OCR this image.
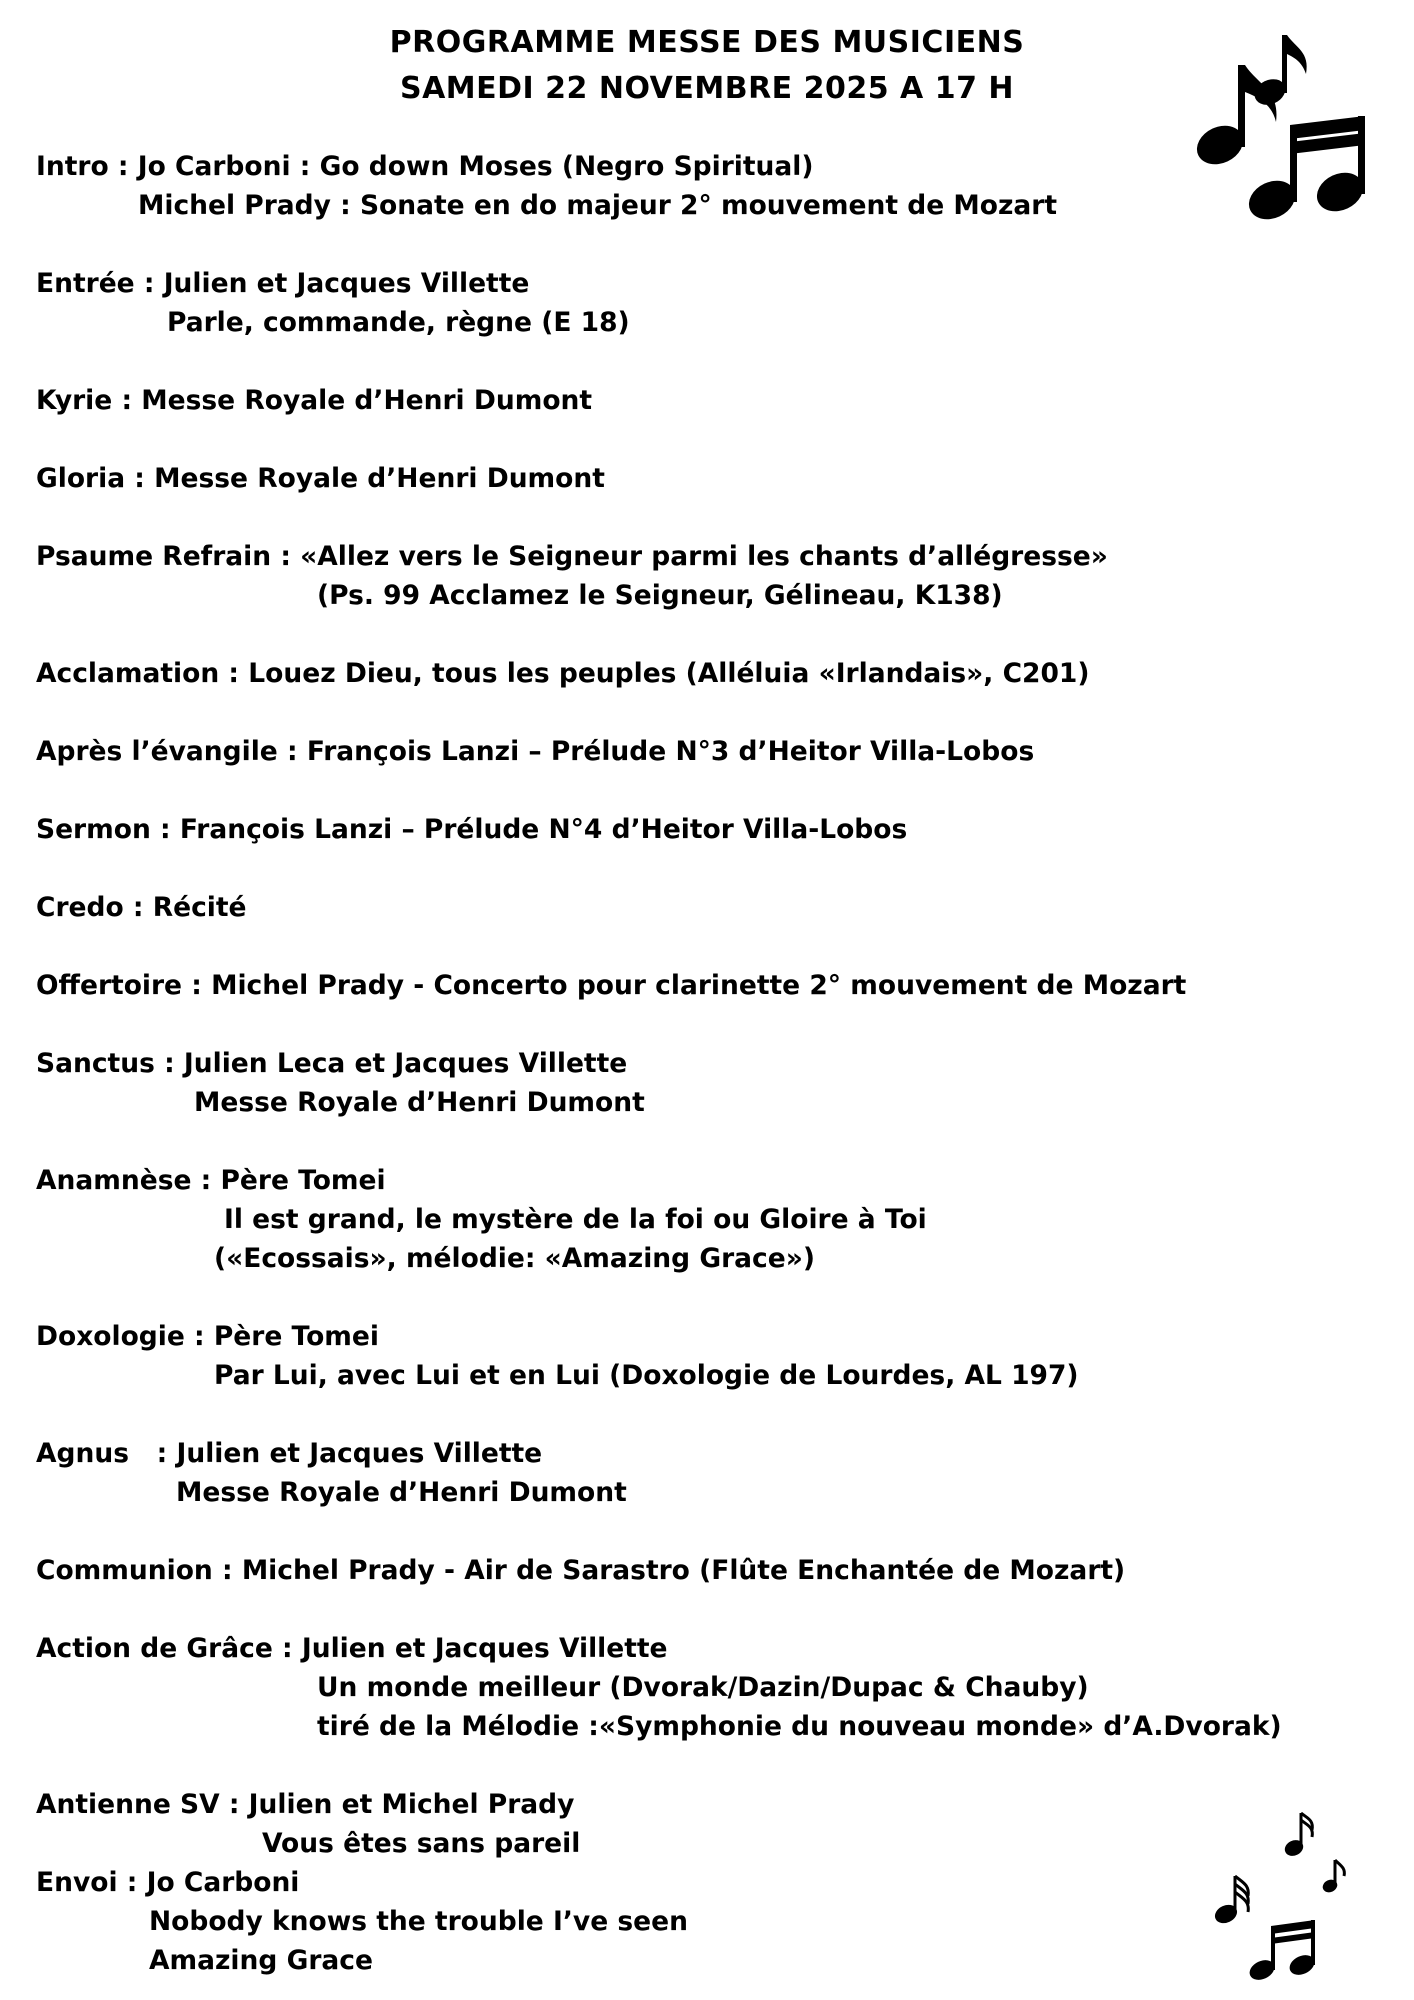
PROGRAMME MESSE DES MUSICIENS
SAMEDI 22 NOVEMBRE 2025 A 17 H
Intro : Jo Carboni : Go down Moses (Negro Spiritual)
Michel Prady : Sonate en do majeur 2° mouvement de Mozart
Entrée : Julien et Jacques Villette
Parle, commande, règne (E 18)
Kyrie : Messe Royale d’Henri Dumont
Gloria : Messe Royale d’Henri Dumont
Psaume Refrain : «Allez vers le Seigneur parmi les chants d’allégresse»
(Ps. 99 Acclamez le Seigneur, Gélineau, K138)
Acclamation : Louez Dieu, tous les peuples (Alléluia «Irlandais», C201)
Après l’évangile : François Lanzi – Prélude N°3 d’Heitor Villa-Lobos
Sermon : François Lanzi – Prélude N°4 d’Heitor Villa-Lobos
Credo : Récité
Offertoire : Michel Prady - Concerto pour clarinette 2° mouvement de Mozart
Sanctus : Julien Leca et Jacques Villette
Messe Royale d’Henri Dumont
Anamnèse : Père Tomei
Il est grand, le mystère de la foi ou Gloire à Toi
(«Ecossais», mélodie: «Amazing Grace»)
Doxologie : Père Tomei
Par Lui, avec Lui et en Lui (Doxologie de Lourdes, AL 197)
Agnus   : Julien et Jacques Villette
Messe Royale d’Henri Dumont
Communion : Michel Prady - Air de Sarastro (Flûte Enchantée de Mozart)
Action de Grâce : Julien et Jacques Villette
Un monde meilleur (Dvorak/Dazin/Dupac & Chauby)
tiré de la Mélodie :«Symphonie du nouveau monde» d’A.Dvorak)
Antienne SV : Julien et Michel Prady
Vous êtes sans pareil
Envoi : Jo Carboni
Nobody knows the trouble I’ve seen
Amazing Grace
